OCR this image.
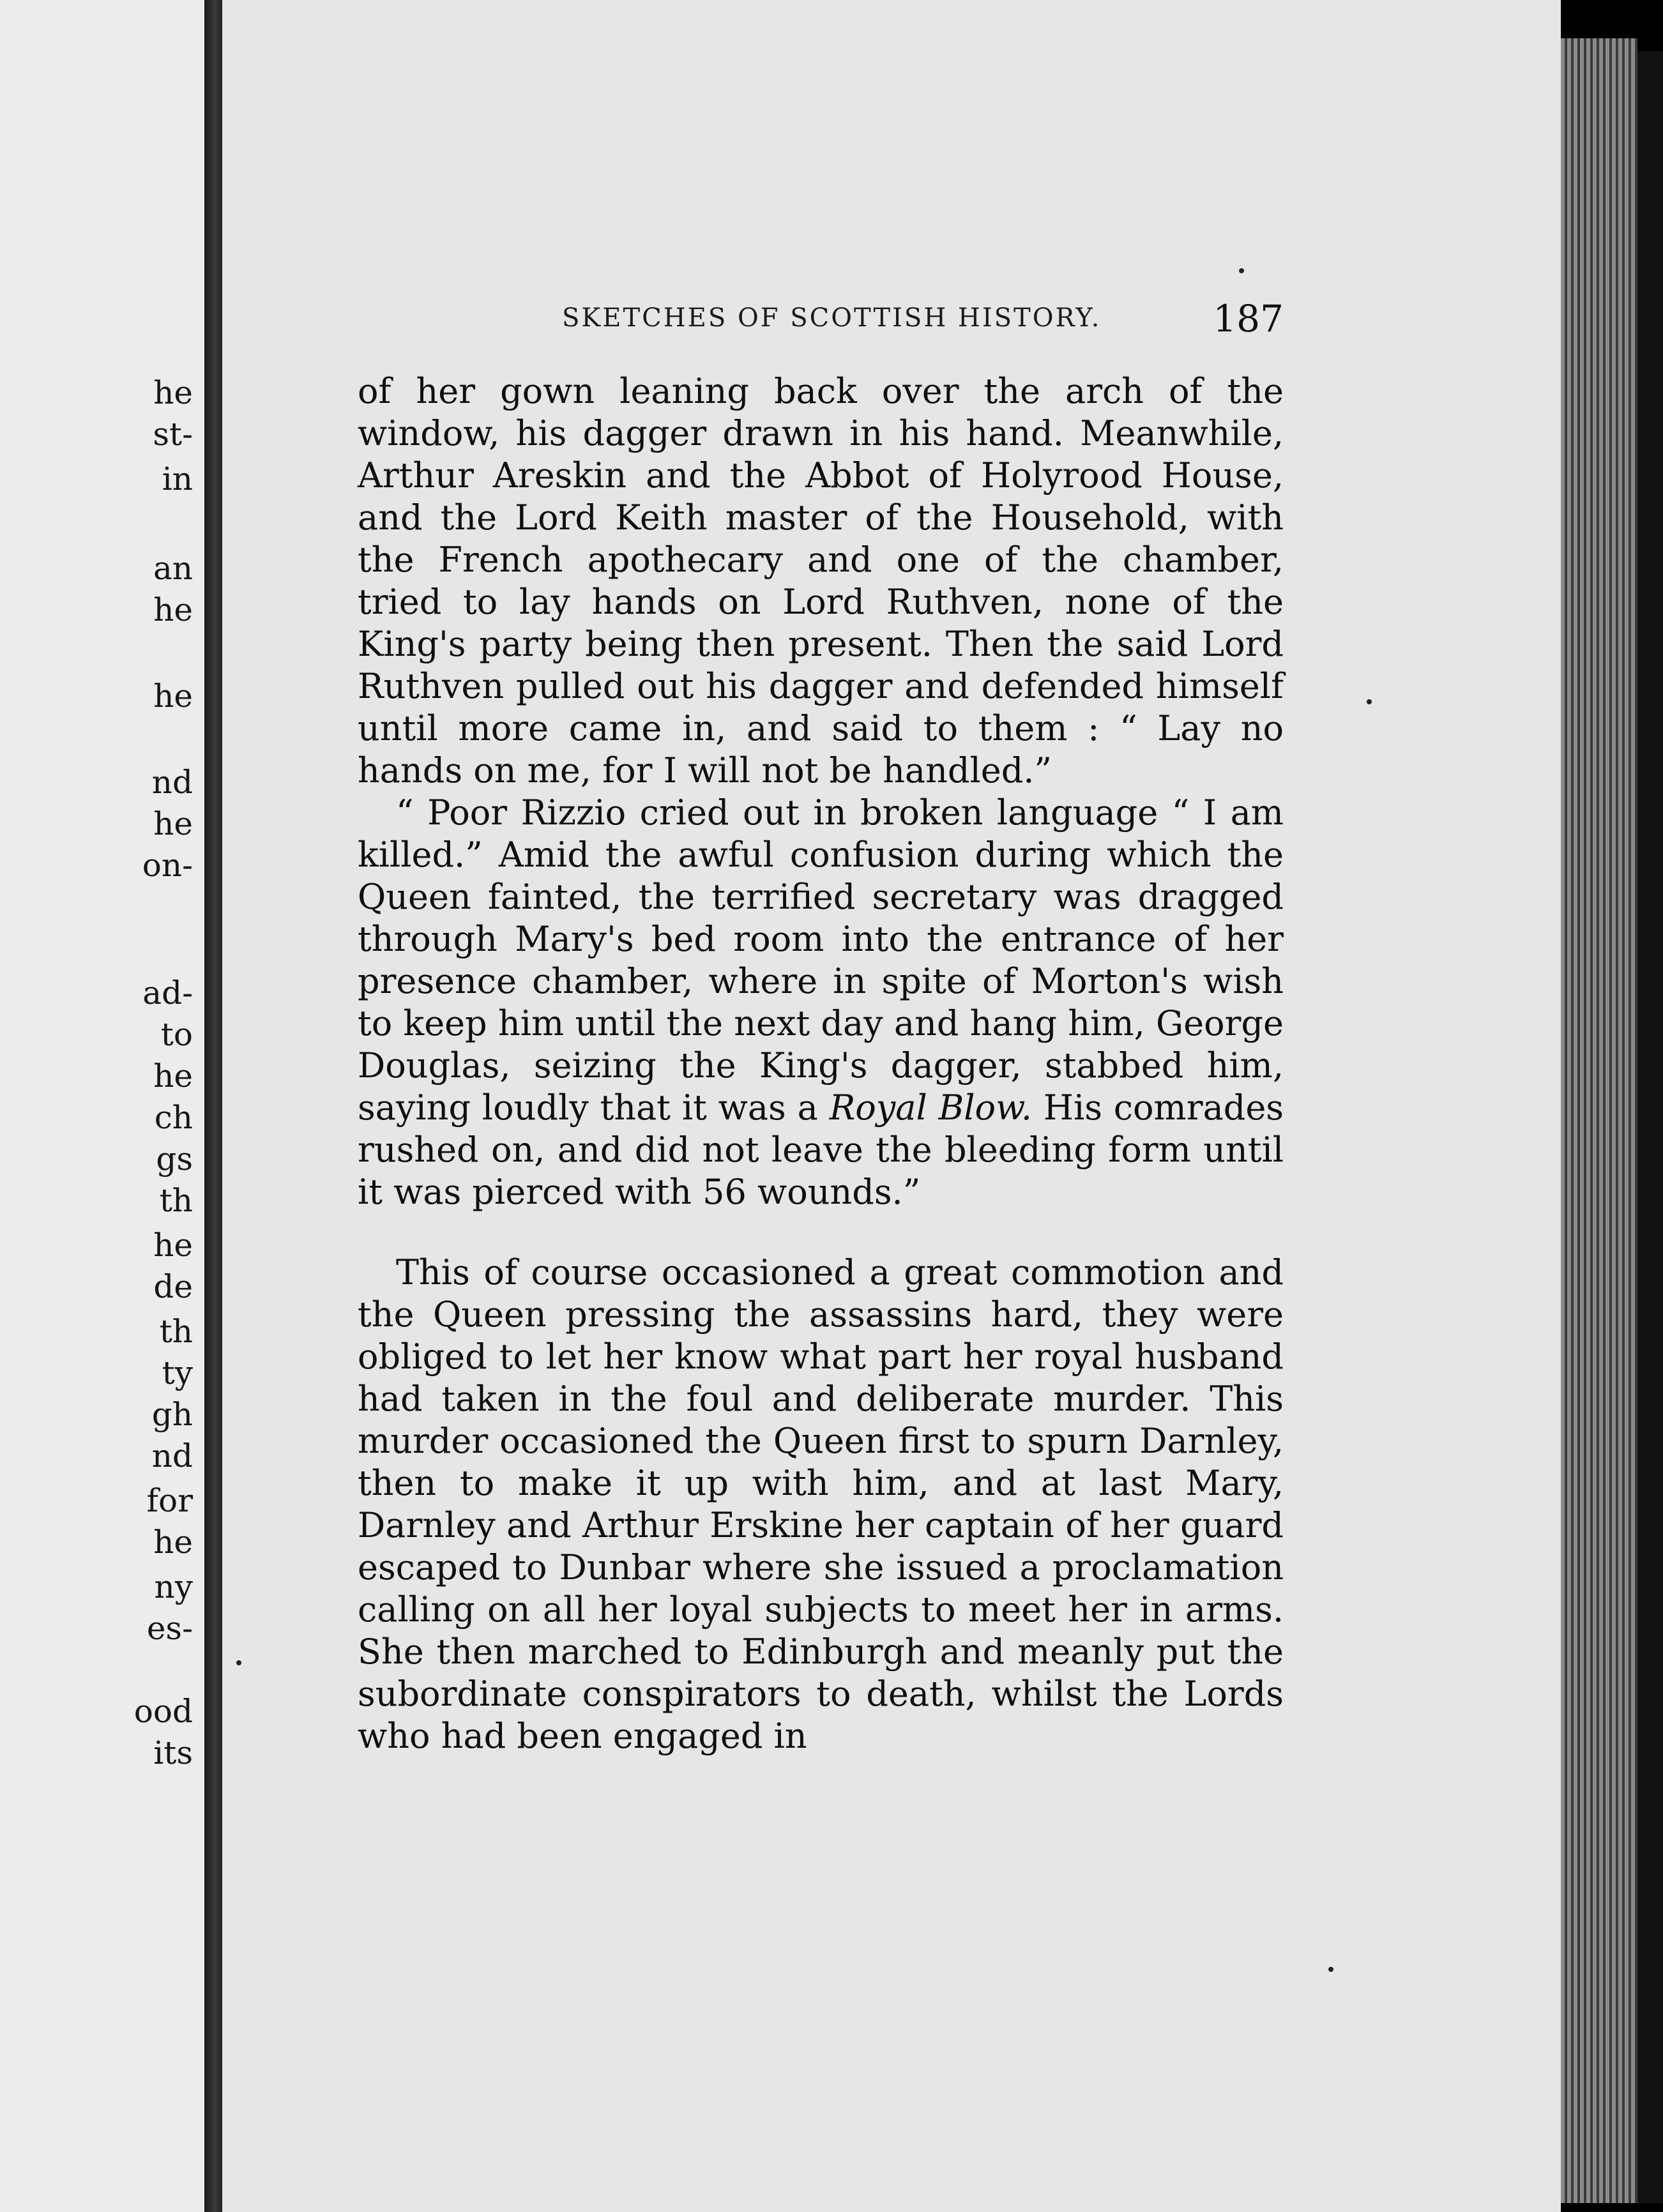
he
st-
in
an
he
he
nd
he
on-
ad-
to
he
ch
gs
th
he
de
th
ty
gh
nd
for
he
ny
es-
ood
its
SKETCHES OF SCOTTISH HISTORY.	187

of her gown leaning back over the arch of the window, his dagger drawn in his hand. Meanwhile, Arthur Areskin and the Abbot of Holyrood House, and the Lord Keith master of the Household, with the French apothecary and one of the chamber, tried to lay hands on Lord Ruthven, none of the King's party being then present. Then the said Lord Ruthven pulled out his dagger and defended himself until more came in, and said to them : “ Lay no hands on me, for I will not be handled.”

“ Poor Rizzio cried out in broken language “ I am killed.” Amid the awful confusion during which the Queen fainted, the terrified secretary was dragged through Mary's bed room into the entrance of her presence chamber, where in spite of Morton's wish to keep him until the next day and hang him, George Douglas, seizing the King's dagger, stabbed him, saying loudly that it was a Royal Blow. His comrades rushed on, and did not leave the bleeding form until it was pierced with 56 wounds.”

This of course occasioned a great commotion and the Queen pressing the assassins hard, they were obliged to let her know what part her royal husband had taken in the foul and deliberate murder. This murder occasioned the Queen first to spurn Darnley, then to make it up with him, and at last Mary, Darnley and Arthur Erskine her captain of her guard escaped to Dunbar where she issued a proclamation calling on all her loyal subjects to meet her in arms. She then marched to Edinburgh and meanly put the subordinate conspirators to death, whilst the Lords who had been engaged in
